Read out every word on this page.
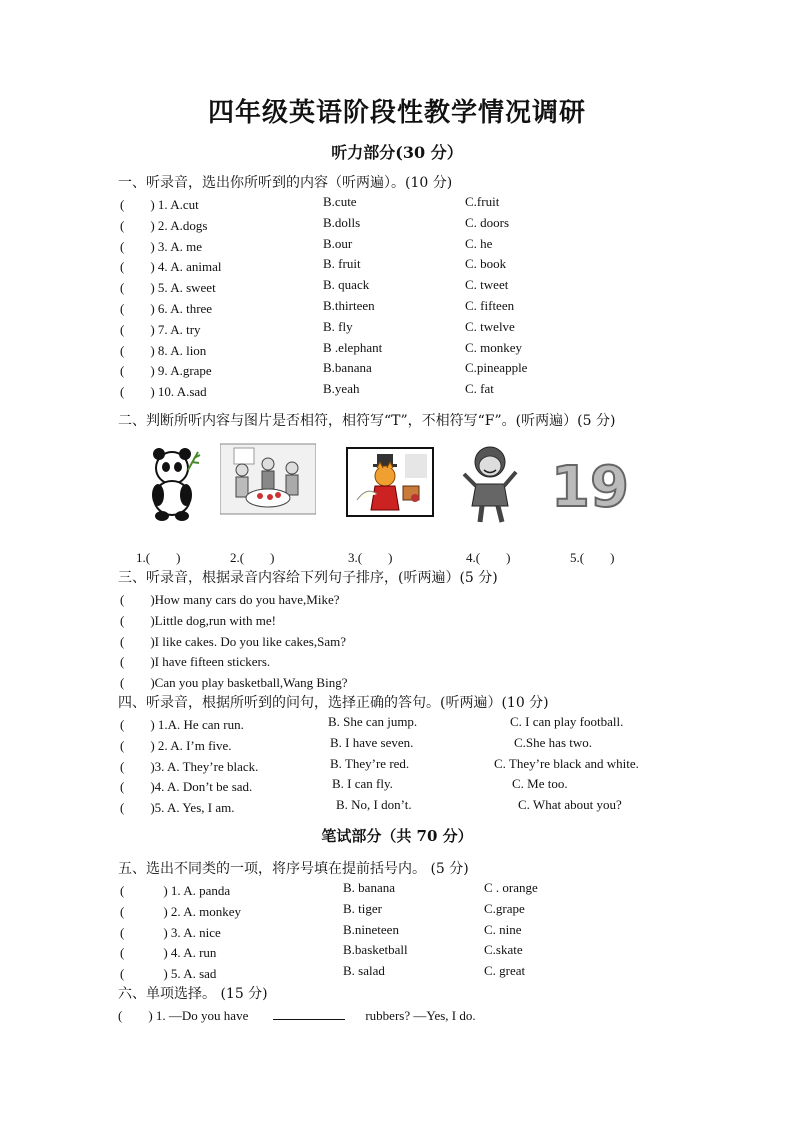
四年级英语阶段性教学情况调研
听力部分(30 分）
一、听录音，选出你所听到的内容（听两遍）。(10 分)
(　　) 1. A.cut	B.cute	C.fruit
(　　) 2. A.dogs	B.dolls	C. doors
(　　) 3. A. me	B.our	C. he
(　　) 4. A. animal	B. fruit	C. book
(　　) 5. A. sweet	B. quack	C. tweet
(　　) 6. A. three	B.thirteen	C. fifteen
(　　) 7. A. try	B. fly	C. twelve
(　　) 8. A. lion	B .elephant	C. monkey
(　　) 9. A.grape	B.banana	C.pineapple
(　　) 10. A.sad	B.yeah	C. fat
二、判断所听内容与图片是否相符，相符写“T”，不相符写“F”。(听两遍）(5 分)
19
1.(　　)	2.(　　)	3.(　　)	4.(　　)	5.(　　)
三、听录音，根据录音内容给下列句子排序，(听两遍）(5 分)
(　　)How many cars do you have,Mike?
(　　)Little dog,run with me!
(　　)I like cakes. Do you like cakes,Sam?
(　　)I have fifteen stickers.
(　　)Can you play basketball,Wang Bing?
四、听录音，根据所听到的问句，选择正确的答句。(听两遍）(10 分)
(　　) 1.A. He can run.	B. She can jump.	C. I can play football.
(　　) 2. A. I’m five.	B. I have seven.	C.She has two.
(　　)3. A. They’re black.	B. They’re red.	C. They’re black and white.
(　　)4. A. Don’t be sad.	B. I can fly.	C. Me too.
(　　)5. A. Yes, I am.	B. No, I don’t.	C. What about you?
笔试部分（共 70 分）
五、选出不同类的一项，将序号填在提前括号内。 (5 分)
(　　　) 1. A. panda	B. banana	C . orange
(　　　) 2. A. monkey	B. tiger	C.grape
(　　　) 3. A. nice	B.nineteen	C. nine
(　　　) 4. A. run	B.basketball	C.skate
(　　　) 5. A. sad	B. salad	C. great
六、单项选择。 (15 分)
(　　) 1. —Do you have	rubbers? —Yes, I do.
